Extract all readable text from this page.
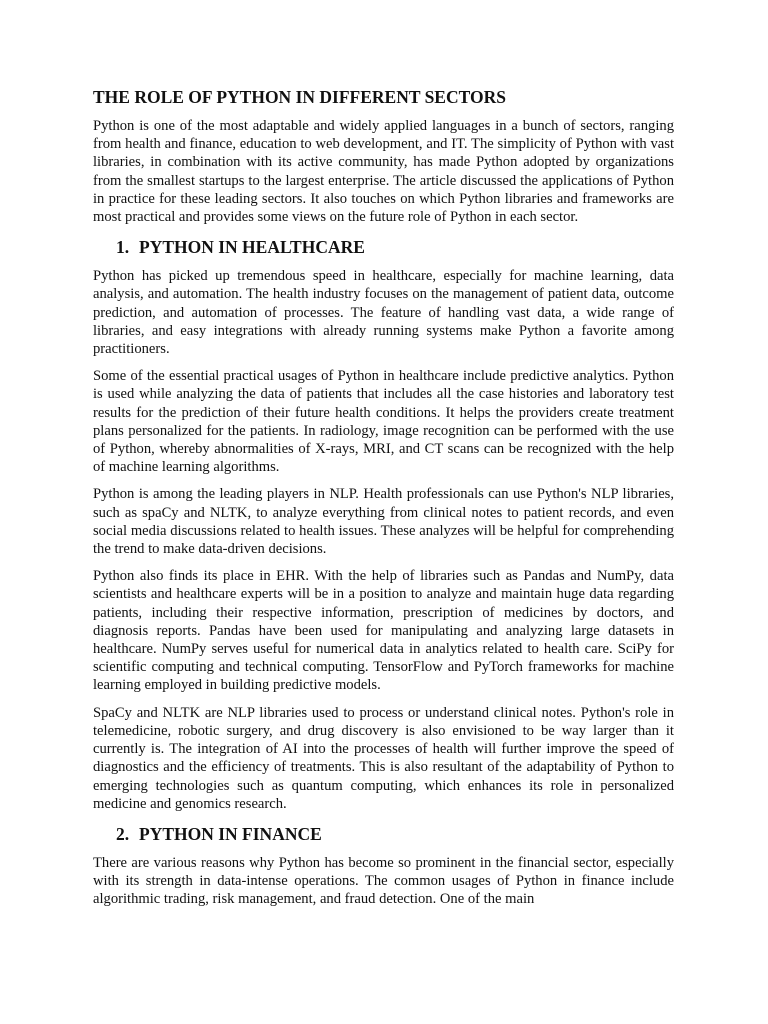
THE ROLE OF PYTHON IN DIFFERENT SECTORS

Python is one of the most adaptable and widely applied languages in a bunch of sectors, ranging from health and finance, education to web development, and IT. The simplicity of Python with vast libraries, in combination with its active community, has made Python adopted by organizations from the smallest startups to the largest enterprise. The article discussed the applications of Python in practice for these leading sectors. It also touches on which Python libraries and frameworks are most practical and provides some views on the future role of Python in each sector.

1. PYTHON IN HEALTHCARE

Python has picked up tremendous speed in healthcare, especially for machine learning, data analysis, and automation. The health industry focuses on the management of patient data, outcome prediction, and automation of processes. The feature of handling vast data, a wide range of libraries, and easy integrations with already running systems make Python a favorite among practitioners.

Some of the essential practical usages of Python in healthcare include predictive analytics. Python is used while analyzing the data of patients that includes all the case histories and laboratory test results for the prediction of their future health conditions. It helps the providers create treatment plans personalized for the patients. In radiology, image recognition can be performed with the use of Python, whereby abnormalities of X-rays, MRI, and CT scans can be recognized with the help of machine learning algorithms.

Python is among the leading players in NLP. Health professionals can use Python's NLP libraries, such as spaCy and NLTK, to analyze everything from clinical notes to patient records, and even social media discussions related to health issues. These analyzes will be helpful for comprehending the trend to make data-driven decisions.

Python also finds its place in EHR. With the help of libraries such as Pandas and NumPy, data scientists and healthcare experts will be in a position to analyze and maintain huge data regarding patients, including their respective information, prescription of medicines by doctors, and diagnosis reports. Pandas have been used for manipulating and analyzing large datasets in healthcare. NumPy serves useful for numerical data in analytics related to health care. SciPy for scientific computing and technical computing. TensorFlow and PyTorch frameworks for machine learning employed in building predictive models.

SpaCy and NLTK are NLP libraries used to process or understand clinical notes. Python's role in telemedicine, robotic surgery, and drug discovery is also envisioned to be way larger than it currently is. The integration of AI into the processes of health will further improve the speed of diagnostics and the efficiency of treatments. This is also resultant of the adaptability of Python to emerging technologies such as quantum computing, which enhances its role in personalized medicine and genomics research.

2. PYTHON IN FINANCE

There are various reasons why Python has become so prominent in the financial sector, especially with its strength in data-intense operations. The common usages of Python in finance include algorithmic trading, risk management, and fraud detection. One of the main
